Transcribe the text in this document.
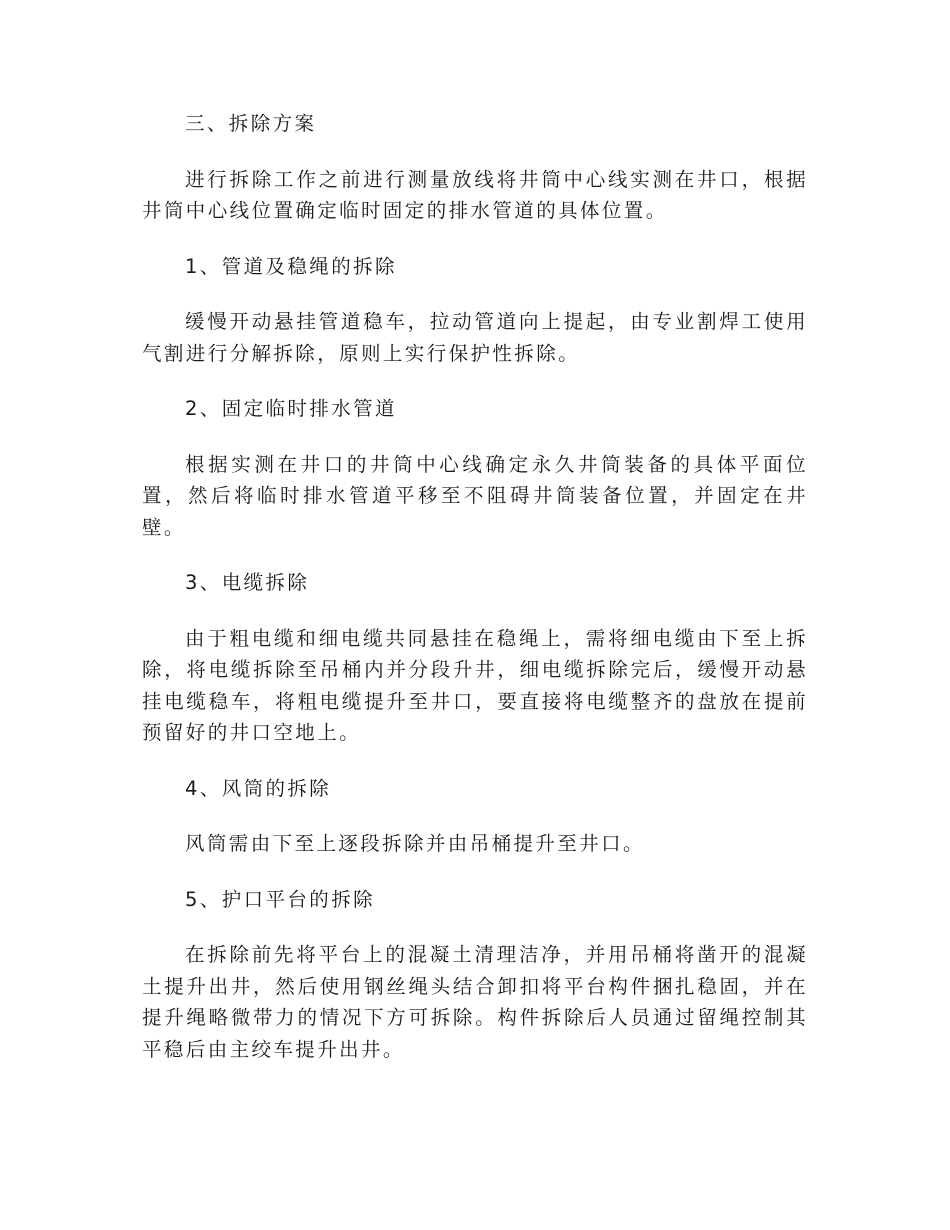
三、拆除方案

进行拆除工作之前进行测量放线将井筒中心线实测在井口，根据井筒中心线位置确定临时固定的排水管道的具体位置。

1、管道及稳绳的拆除

缓慢开动悬挂管道稳车，拉动管道向上提起，由专业割焊工使用气割进行分解拆除，原则上实行保护性拆除。

2、固定临时排水管道

根据实测在井口的井筒中心线确定永久井筒装备的具体平面位置，然后将临时排水管道平移至不阻碍井筒装备位置，并固定在井壁。

3、电缆拆除

由于粗电缆和细电缆共同悬挂在稳绳上，需将细电缆由下至上拆除，将电缆拆除至吊桶内并分段升井，细电缆拆除完后，缓慢开动悬挂电缆稳车，将粗电缆提升至井口，要直接将电缆整齐的盘放在提前预留好的井口空地上。

4、风筒的拆除

风筒需由下至上逐段拆除并由吊桶提升至井口。

5、护口平台的拆除

在拆除前先将平台上的混凝土清理洁净，并用吊桶将凿开的混凝土提升出井，然后使用钢丝绳头结合卸扣将平台构件捆扎稳固，并在提升绳略微带力的情况下方可拆除。构件拆除后人员通过留绳控制其平稳后由主绞车提升出井。
